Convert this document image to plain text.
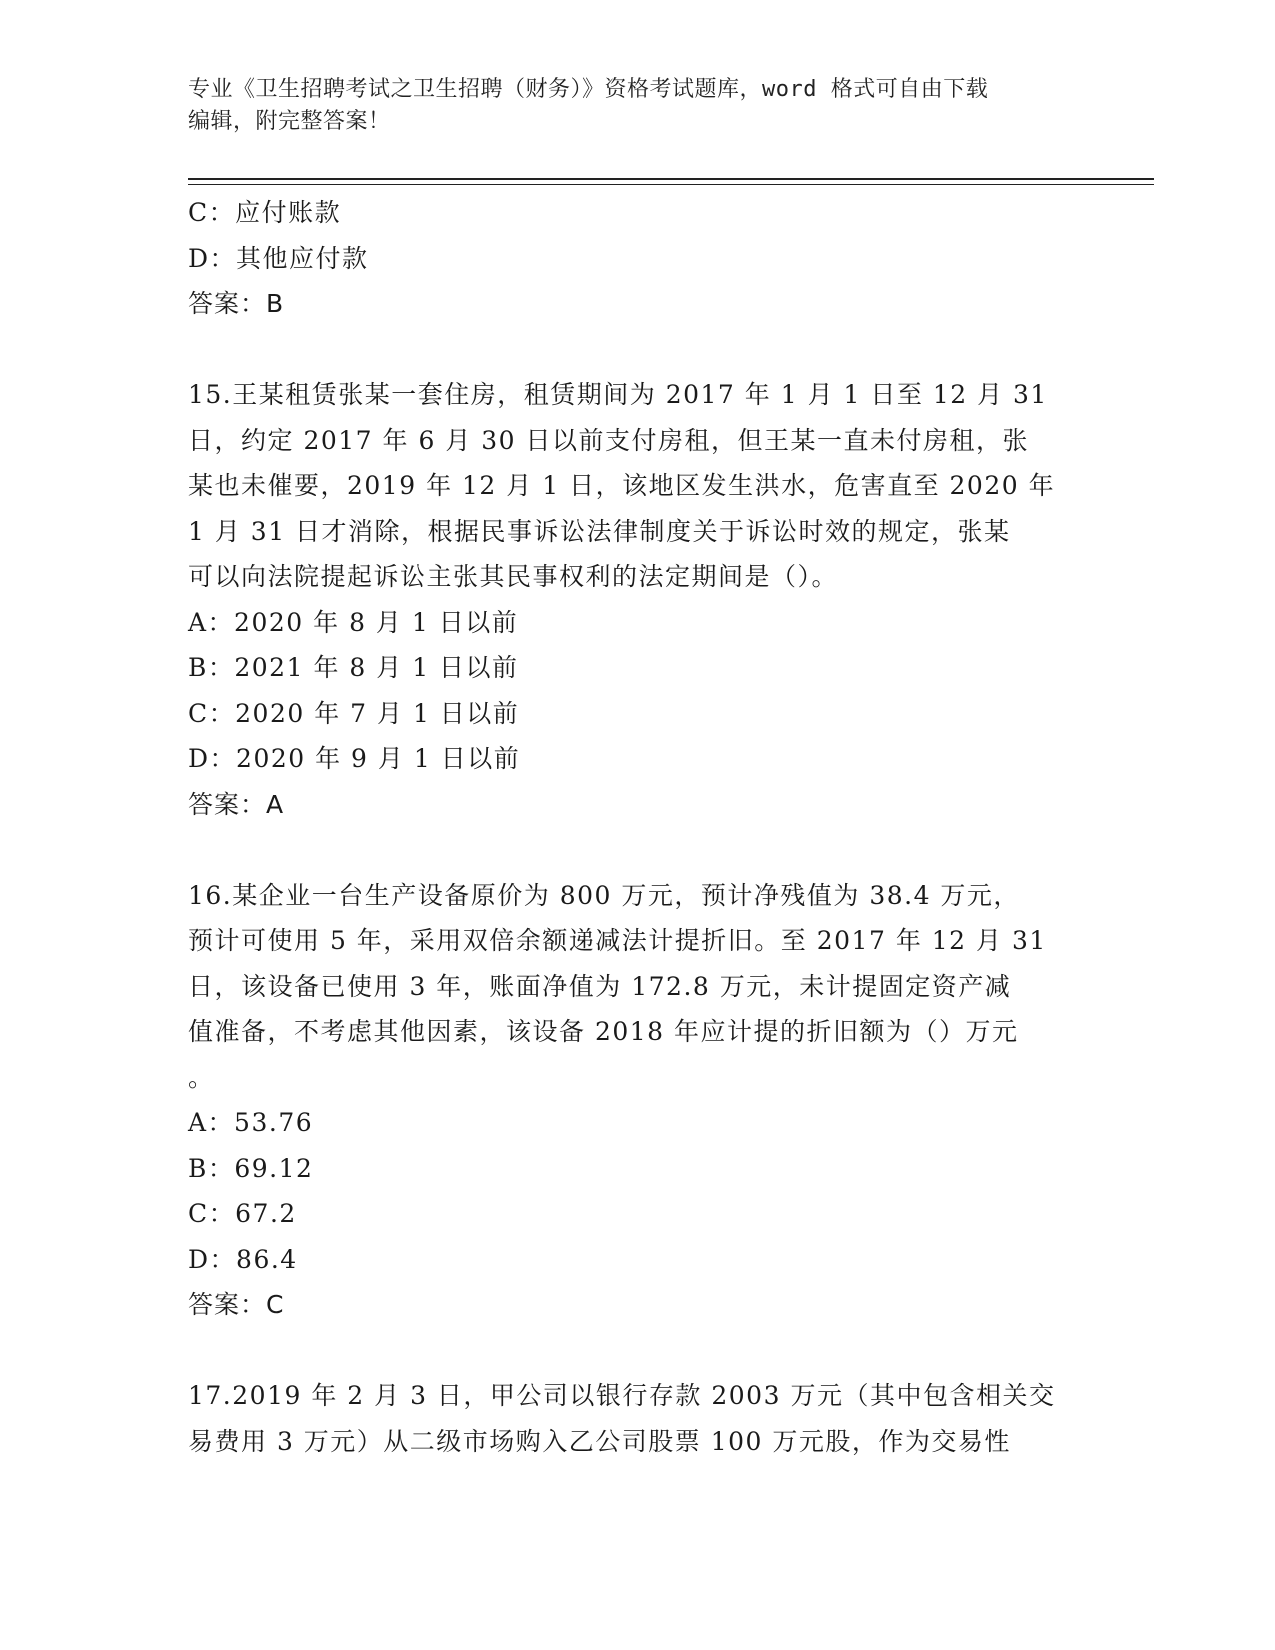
专业《卫生招聘考试之卫生招聘（财务）》资格考试题库，word 格式可自由下载
编辑，附完整答案！
C：应付账款
D：其他应付款
答案：B
15.王某租赁张某一套住房，租赁期间为 2017 年 1 月 1 日至 12 月 31
日，约定 2017 年 6 月 30 日以前支付房租，但王某一直未付房租，张
某也未催要，2019 年 12 月 1 日，该地区发生洪水，危害直至 2020 年
1 月 31 日才消除，根据民事诉讼法律制度关于诉讼时效的规定，张某
可以向法院提起诉讼主张其民事权利的法定期间是（）。
A：2020 年 8 月 1 日以前
B：2021 年 8 月 1 日以前
C：2020 年 7 月 1 日以前
D：2020 年 9 月 1 日以前
答案：A
16.某企业一台生产设备原价为 800 万元，预计净残值为 38.4 万元，
预计可使用 5 年，采用双倍余额递减法计提折旧。至 2017 年 12 月 31
日，该设备已使用 3 年，账面净值为 172.8 万元，未计提固定资产减
值准备，不考虑其他因素，该设备 2018 年应计提的折旧额为（）万元
。
A：53.76
B：69.12
C：67.2
D：86.4
答案：C
17.2019 年 2 月 3 日，甲公司以银行存款 2003 万元（其中包含相关交
易费用 3 万元）从二级市场购入乙公司股票 100 万元股，作为交易性
